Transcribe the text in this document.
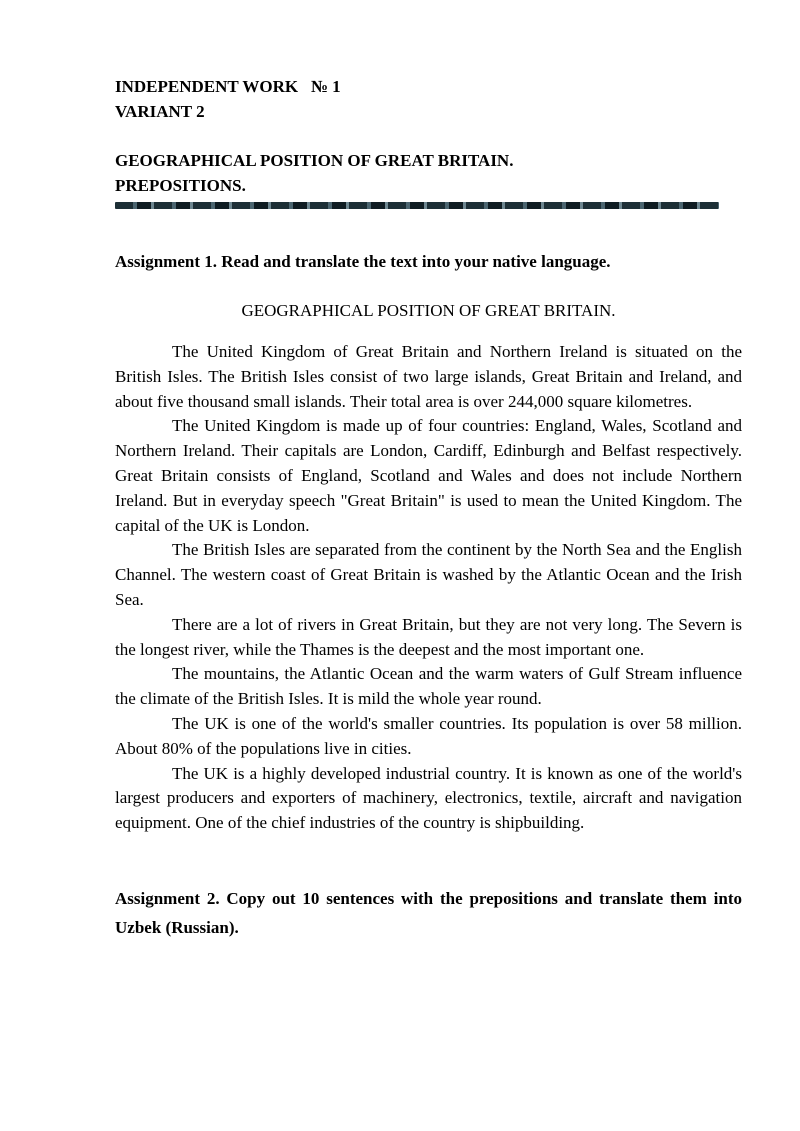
INDEPENDENT WORK   № 1

VARIANT 2

GEOGRAPHICAL POSITION OF GREAT BRITAIN.

PREPOSITIONS.

Assignment 1. Read and translate the text into your native language.

GEOGRAPHICAL POSITION OF GREAT BRITAIN.

The United Kingdom of Great Britain and Northern Ireland is situated on the British Isles. The British Isles consist of two large islands, Great Britain and Ireland, and about five thousand small islands. Their total area is over 244,000 square kilometres.

The United Kingdom is made up of four countries: England, Wales, Scotland and Northern Ireland. Their capitals are London, Cardiff, Edinburgh and Belfast respectively. Great Britain consists of England, Scotland and Wales and does not include Northern Ireland. But in everyday speech "Great Britain" is used to mean the United Kingdom. The capital of the UK is London.

The British Isles are separated from the continent by the North Sea and the English Channel. The western coast of Great Britain is washed by the Atlantic Ocean and the Irish Sea.

There are a lot of rivers in Great Britain, but they are not very long. The Severn is the longest river, while the Thames is the deepest and the most important one.

The mountains, the Atlantic Ocean and the warm waters of Gulf Stream influence the climate of the British Isles. It is mild the whole year round.

The UK is one of the world's smaller countries. Its population is over 58 million. About 80% of the populations live in cities.

The UK is a highly developed industrial country. It is known as one of the world's largest producers and exporters of machinery, electronics, textile, aircraft and navigation equipment. One of the chief industries of the country is shipbuilding.

Assignment 2. Copy out 10 sentences with the prepositions and translate them into Uzbek (Russian).
